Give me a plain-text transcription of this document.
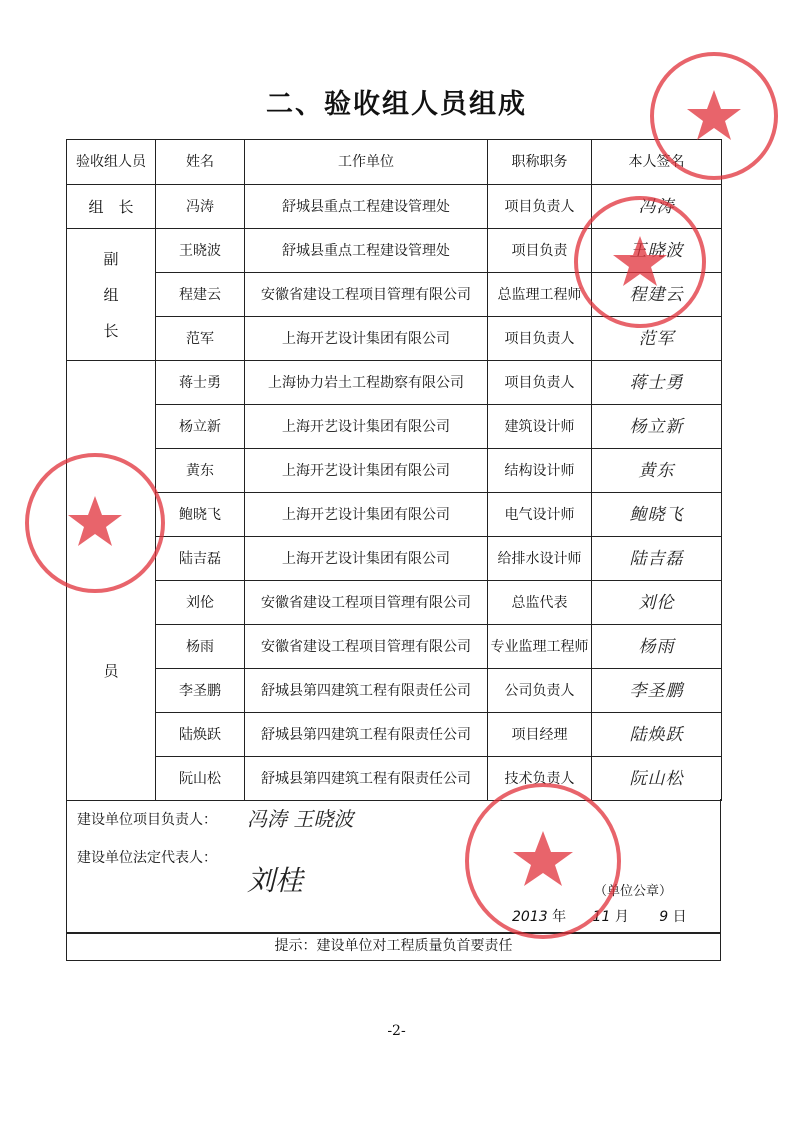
二、验收组人员组成
验收组人员	姓名	工作单位	职称职务	本人签名
组　长	冯涛	舒城县重点工程建设管理处	项目负责人	冯涛

副

组

长	王晓波	舒城县重点工程建设管理处	项目负责	王晓波
	程建云	安徽省建设工程项目管理有限公司	总监理工程师	程建云
	范军	上海开艺设计集团有限公司	项目负责人	范军

员	蒋士勇	上海协力岩土工程勘察有限公司	项目负责人	蒋士勇
	杨立新	上海开艺设计集团有限公司	建筑设计师	杨立新
	黄东	上海开艺设计集团有限公司	结构设计师	黄东
	鲍晓飞	上海开艺设计集团有限公司	电气设计师	鲍晓飞
	陆吉磊	上海开艺设计集团有限公司	给排水设计师	陆吉磊
	刘伦	安徽省建设工程项目管理有限公司	总监代表	刘伦
	杨雨	安徽省建设工程项目管理有限公司	专业监理工程师	杨雨
	李圣鹏	舒城县第四建筑工程有限责任公司	公司负责人	李圣鹏
	陆焕跃	舒城县第四建筑工程有限责任公司	项目经理	陆焕跃
	阮山松	舒城县第四建筑工程有限责任公司	技术负责人	阮山松
建设单位项目负责人： 冯涛 王晓波
建设单位法定代表人：
刘桂	（单位公章）
2013 年 11 月 9 日
提示：建设单位对工程质量负首要责任
-2-
